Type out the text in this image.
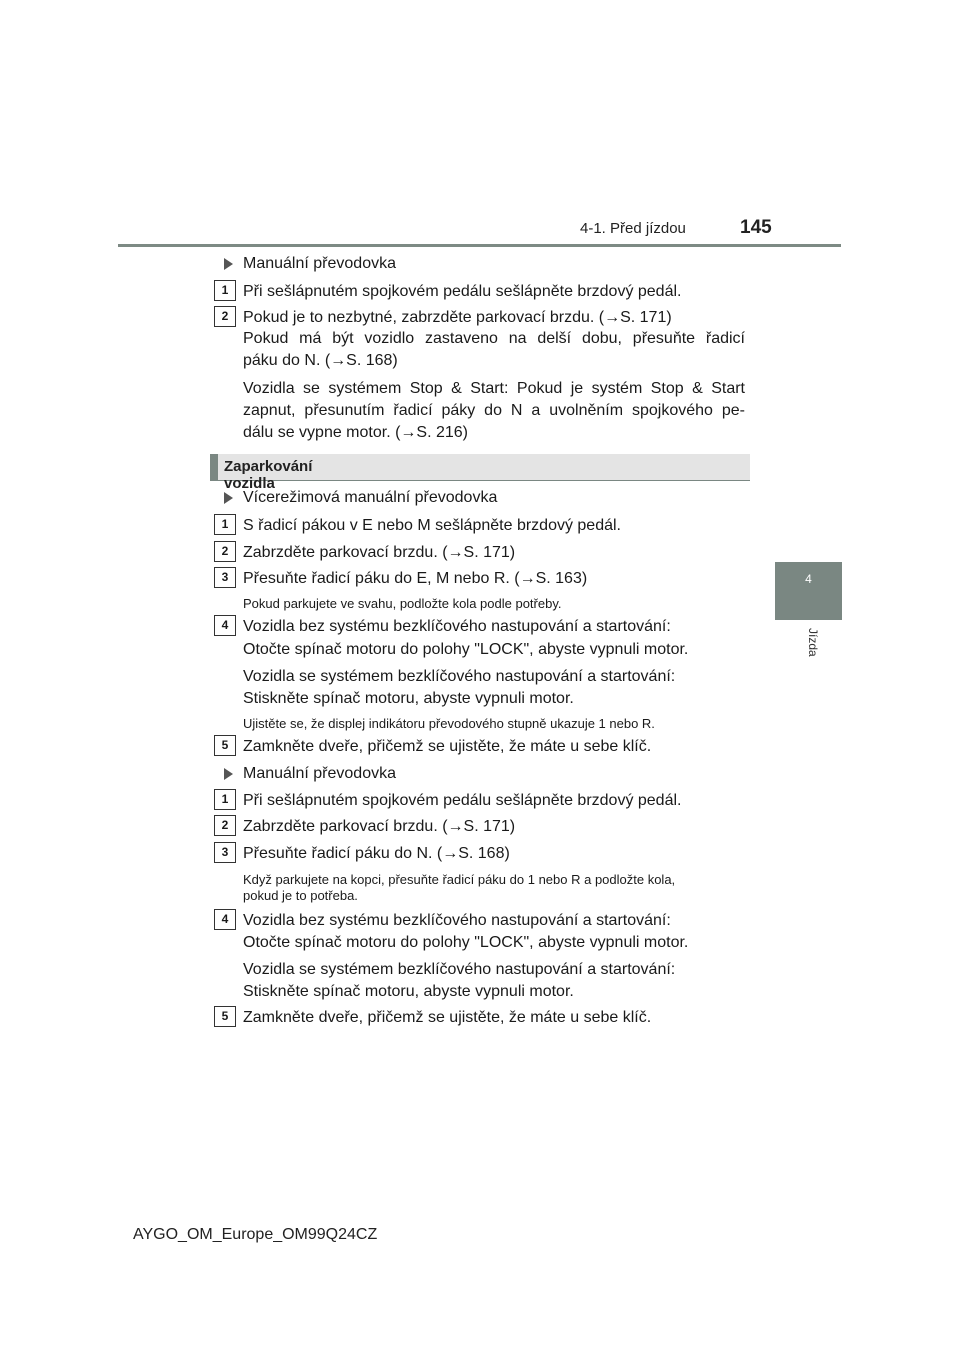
4-1. Před jízdou	145
4
Jízda
Manuální převodovka
1 Při sešlápnutém spojkovém pedálu sešlápněte brzdový pedál.
2 Pokud je to nezbytné, zabrzděte parkovací brzdu. (→S. 171)
Pokud má být vozidlo zastaveno na delší dobu, přesuňte řadicí
páku do N. (→S. 168)
Vozidla se systémem Stop & Start: Pokud je systém Stop & Start
zapnut, přesunutím řadicí páky do N a uvolněním spojkového pe-
dálu se vypne motor. (→S. 216)
Zaparkování vozidla
Vícerežimová manuální převodovka
1 S řadicí pákou v E nebo M sešlápněte brzdový pedál.
2 Zabrzděte parkovací brzdu. (→S. 171)
3 Přesuňte řadicí páku do E, M nebo R. (→S. 163)
Pokud parkujete ve svahu, podložte kola podle potřeby.
4 Vozidla bez systému bezklíčového nastupování a startování:
Otočte spínač motoru do polohy "LOCK", abyste vypnuli motor.
Vozidla se systémem bezklíčového nastupování a startování:
Stiskněte spínač motoru, abyste vypnuli motor.
Ujistěte se, že displej indikátoru převodového stupně ukazuje 1 nebo R.
5 Zamkněte dveře, přičemž se ujistěte, že máte u sebe klíč.
Manuální převodovka
1 Při sešlápnutém spojkovém pedálu sešlápněte brzdový pedál.
2 Zabrzděte parkovací brzdu. (→S. 171)
3 Přesuňte řadicí páku do N. (→S. 168)
Když parkujete na kopci, přesuňte řadicí páku do 1 nebo R a podložte kola,
pokud je to potřeba.
4 Vozidla bez systému bezklíčového nastupování a startování:
Otočte spínač motoru do polohy "LOCK", abyste vypnuli motor.
Vozidla se systémem bezklíčového nastupování a startování:
Stiskněte spínač motoru, abyste vypnuli motor.
5 Zamkněte dveře, přičemž se ujistěte, že máte u sebe klíč.
AYGO_OM_Europe_OM99Q24CZ
